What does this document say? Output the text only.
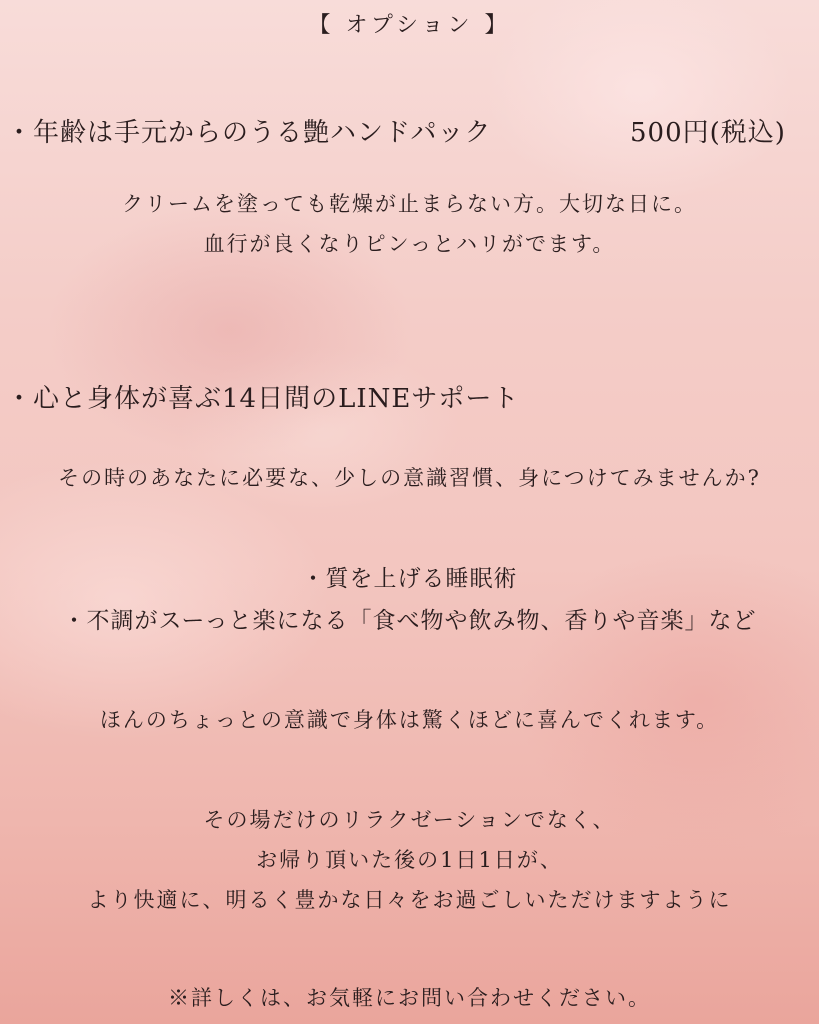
【 オプション 】
・年齢は手元からのうる艶ハンドパック	500円(税込)
クリームを塗っても乾燥が止まらない方。大切な日に。
血行が良くなりピンっとハリがでます。
・心と身体が喜ぶ14日間のLINEサポート
その時のあなたに必要な、少しの意識習慣、身につけてみませんか?
・質を上げる睡眠術
・不調がスーっと楽になる「食べ物や飲み物、香りや音楽」など
ほんのちょっとの意識で身体は驚くほどに喜んでくれます。
その場だけのリラクゼーションでなく、
お帰り頂いた後の1日1日が、
より快適に、明るく豊かな日々をお過ごしいただけますように
※詳しくは、お気軽にお問い合わせください。
